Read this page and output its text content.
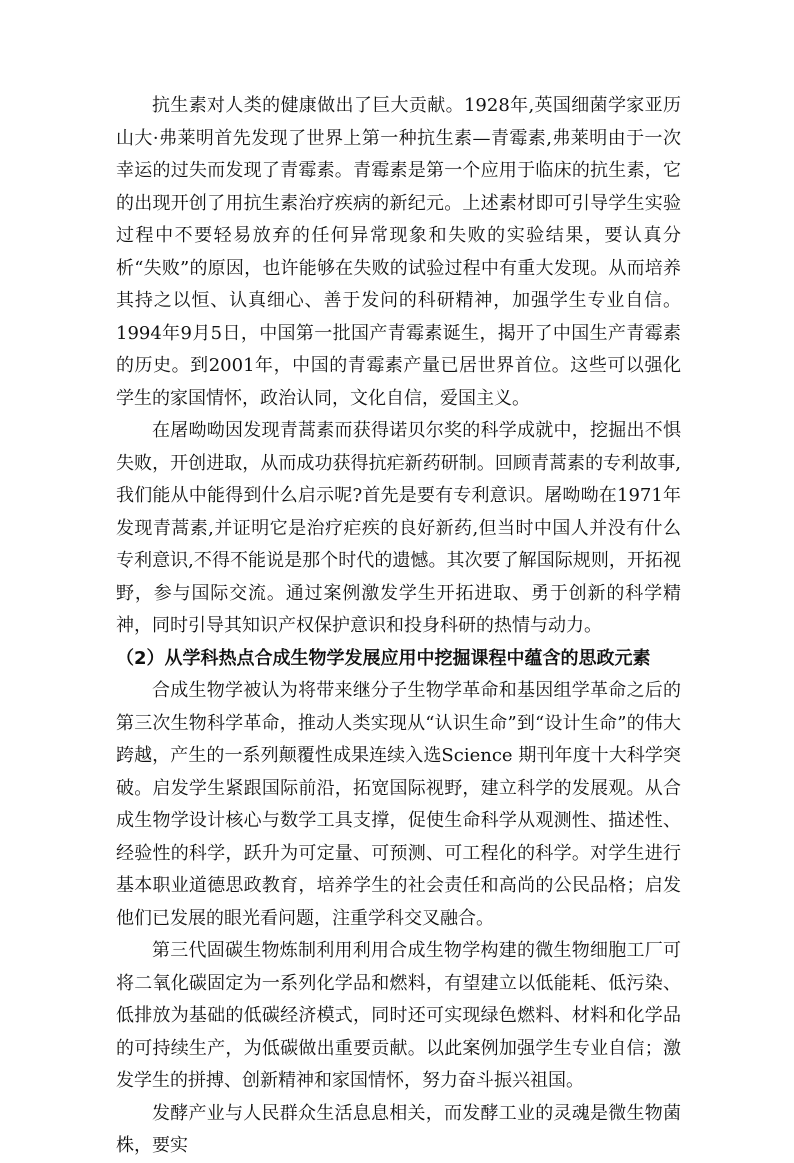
抗生素对人类的健康做出了巨大贡献。1928年,英国细菌学家亚历山大·弗莱明首先发现了世界上第一种抗生素—青霉素,弗莱明由于一次幸运的过失而发现了青霉素。青霉素是第一个应用于临床的抗生素，它的出现开创了用抗生素治疗疾病的新纪元。上述素材即可引导学生实验过程中不要轻易放弃的任何异常现象和失败的实验结果，要认真分析“失败”的原因，也许能够在失败的试验过程中有重大发现。从而培养其持之以恒、认真细心、善于发问的科研精神，加强学生专业自信。1994年9月5日，中国第一批国产青霉素诞生，揭开了中国生产青霉素的历史。到2001年，中国的青霉素产量已居世界首位。这些可以强化学生的家国情怀，政治认同，文化自信，爱国主义。

在屠呦呦因发现青蒿素而获得诺贝尔奖的科学成就中，挖掘出不惧失败，开创进取，从而成功获得抗疟新药研制。回顾青蒿素的专利故事,我们能从中能得到什么启示呢?首先是要有专利意识。屠呦呦在1971年发现青蒿素,并证明它是治疗疟疾的良好新药,但当时中国人并没有什么专利意识,不得不能说是那个时代的遗憾。其次要了解国际规则，开拓视野，参与国际交流。通过案例激发学生开拓进取、勇于创新的科学精神，同时引导其知识产权保护意识和投身科研的热情与动力。

（2）从学科热点合成生物学发展应用中挖掘课程中蕴含的思政元素

合成生物学被认为将带来继分子生物学革命和基因组学革命之后的第三次生物科学革命，推动人类实现从“认识生命”到“设计生命”的伟大跨越，产生的一系列颠覆性成果连续入选Science 期刊年度十大科学突破。启发学生紧跟国际前沿，拓宽国际视野，建立科学的发展观。从合成生物学设计核心与数学工具支撑，促使生命科学从观测性、描述性、经验性的科学，跃升为可定量、可预测、可工程化的科学。对学生进行基本职业道德思政教育，培养学生的社会责任和高尚的公民品格；启发他们已发展的眼光看问题，注重学科交叉融合。

第三代固碳生物炼制利用利用合成生物学构建的微生物细胞工厂可将二氧化碳固定为一系列化学品和燃料，有望建立以低能耗、低污染、低排放为基础的低碳经济模式，同时还可实现绿色燃料、材料和化学品的可持续生产，为低碳做出重要贡献。以此案例加强学生专业自信；激发学生的拼搏、创新精神和家国情怀，努力奋斗振兴祖国。

发酵产业与人民群众生活息息相关，而发酵工业的灵魂是微生物菌株，要实
